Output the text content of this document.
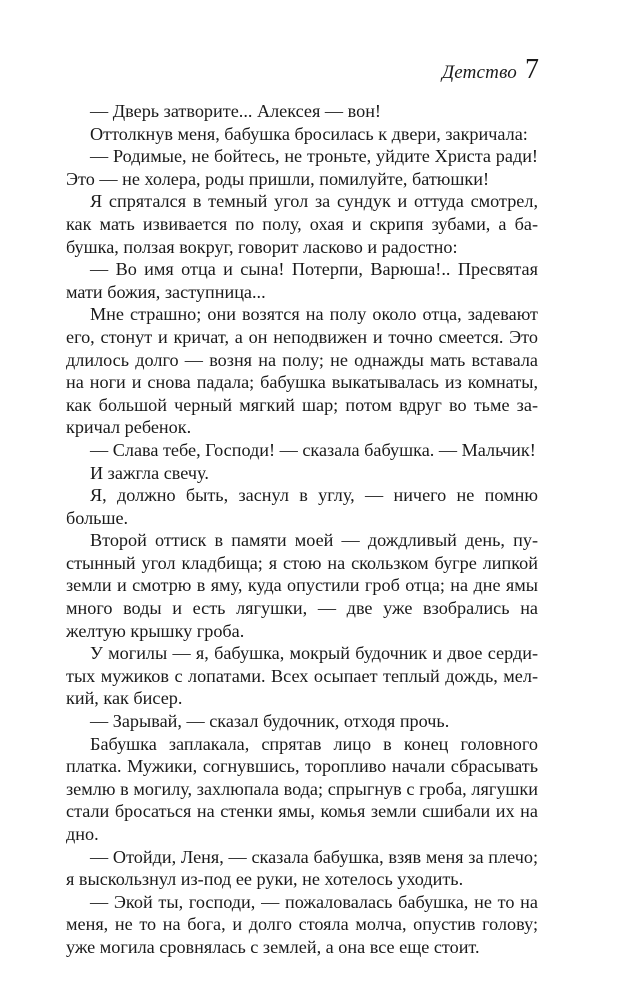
Детство 7

— Дверь затворите... Алексея — вон!

Оттолкнув меня, бабушка бросилась к двери, закричала:

— Родимые, не бойтесь, не троньте, уйдите Христа ради! Это — не холера, роды пришли, помилуйте, батюшки!

Я спрятался в темный угол за сундук и оттуда смотрел, как мать извивается по полу, охая и скрипя зубами, а бабушка, ползая вокруг, говорит ласково и радостно:

— Во имя отца и сына! Потерпи, Варюша!.. Пресвятая мати божия, заступница...

Мне страшно; они возятся на полу около отца, задевают его, стонут и кричат, а он неподвижен и точно смеется. Это длилось долго — возня на полу; не однажды мать вставала на ноги и снова падала; бабушка выкатывалась из комнаты, как большой черный мягкий шар; потом вдруг во тьме закричал ребенок.

— Слава тебе, Господи! — сказала бабушка. — Мальчик!

И зажгла свечу.

Я, должно быть, заснул в углу, — ничего не помню больше.

Второй оттиск в памяти моей — дождливый день, пустынный угол кладбища; я стою на скользком бугре липкой земли и смотрю в яму, куда опустили гроб отца; на дне ямы много воды и есть лягушки, — две уже взобрались на желтую крышку гроба.

У могилы — я, бабушка, мокрый будочник и двое сердитых мужиков с лопатами. Всех осыпает теплый дождь, мелкий, как бисер.

— Зарывай, — сказал будочник, отходя прочь.

Бабушка заплакала, спрятав лицо в конец головного платка. Мужики, согнувшись, торопливо начали сбрасывать землю в могилу, захлюпала вода; спрыгнув с гроба, лягушки стали бросаться на стенки ямы, комья земли сшибали их на дно.

— Отойди, Леня, — сказала бабушка, взяв меня за плечо; я выскользнул из-под ее руки, не хотелось уходить.

— Экой ты, господи, — пожаловалась бабушка, не то на меня, не то на бога, и долго стояла молча, опустив голову; уже могила сровнялась с землей, а она все еще стоит.
